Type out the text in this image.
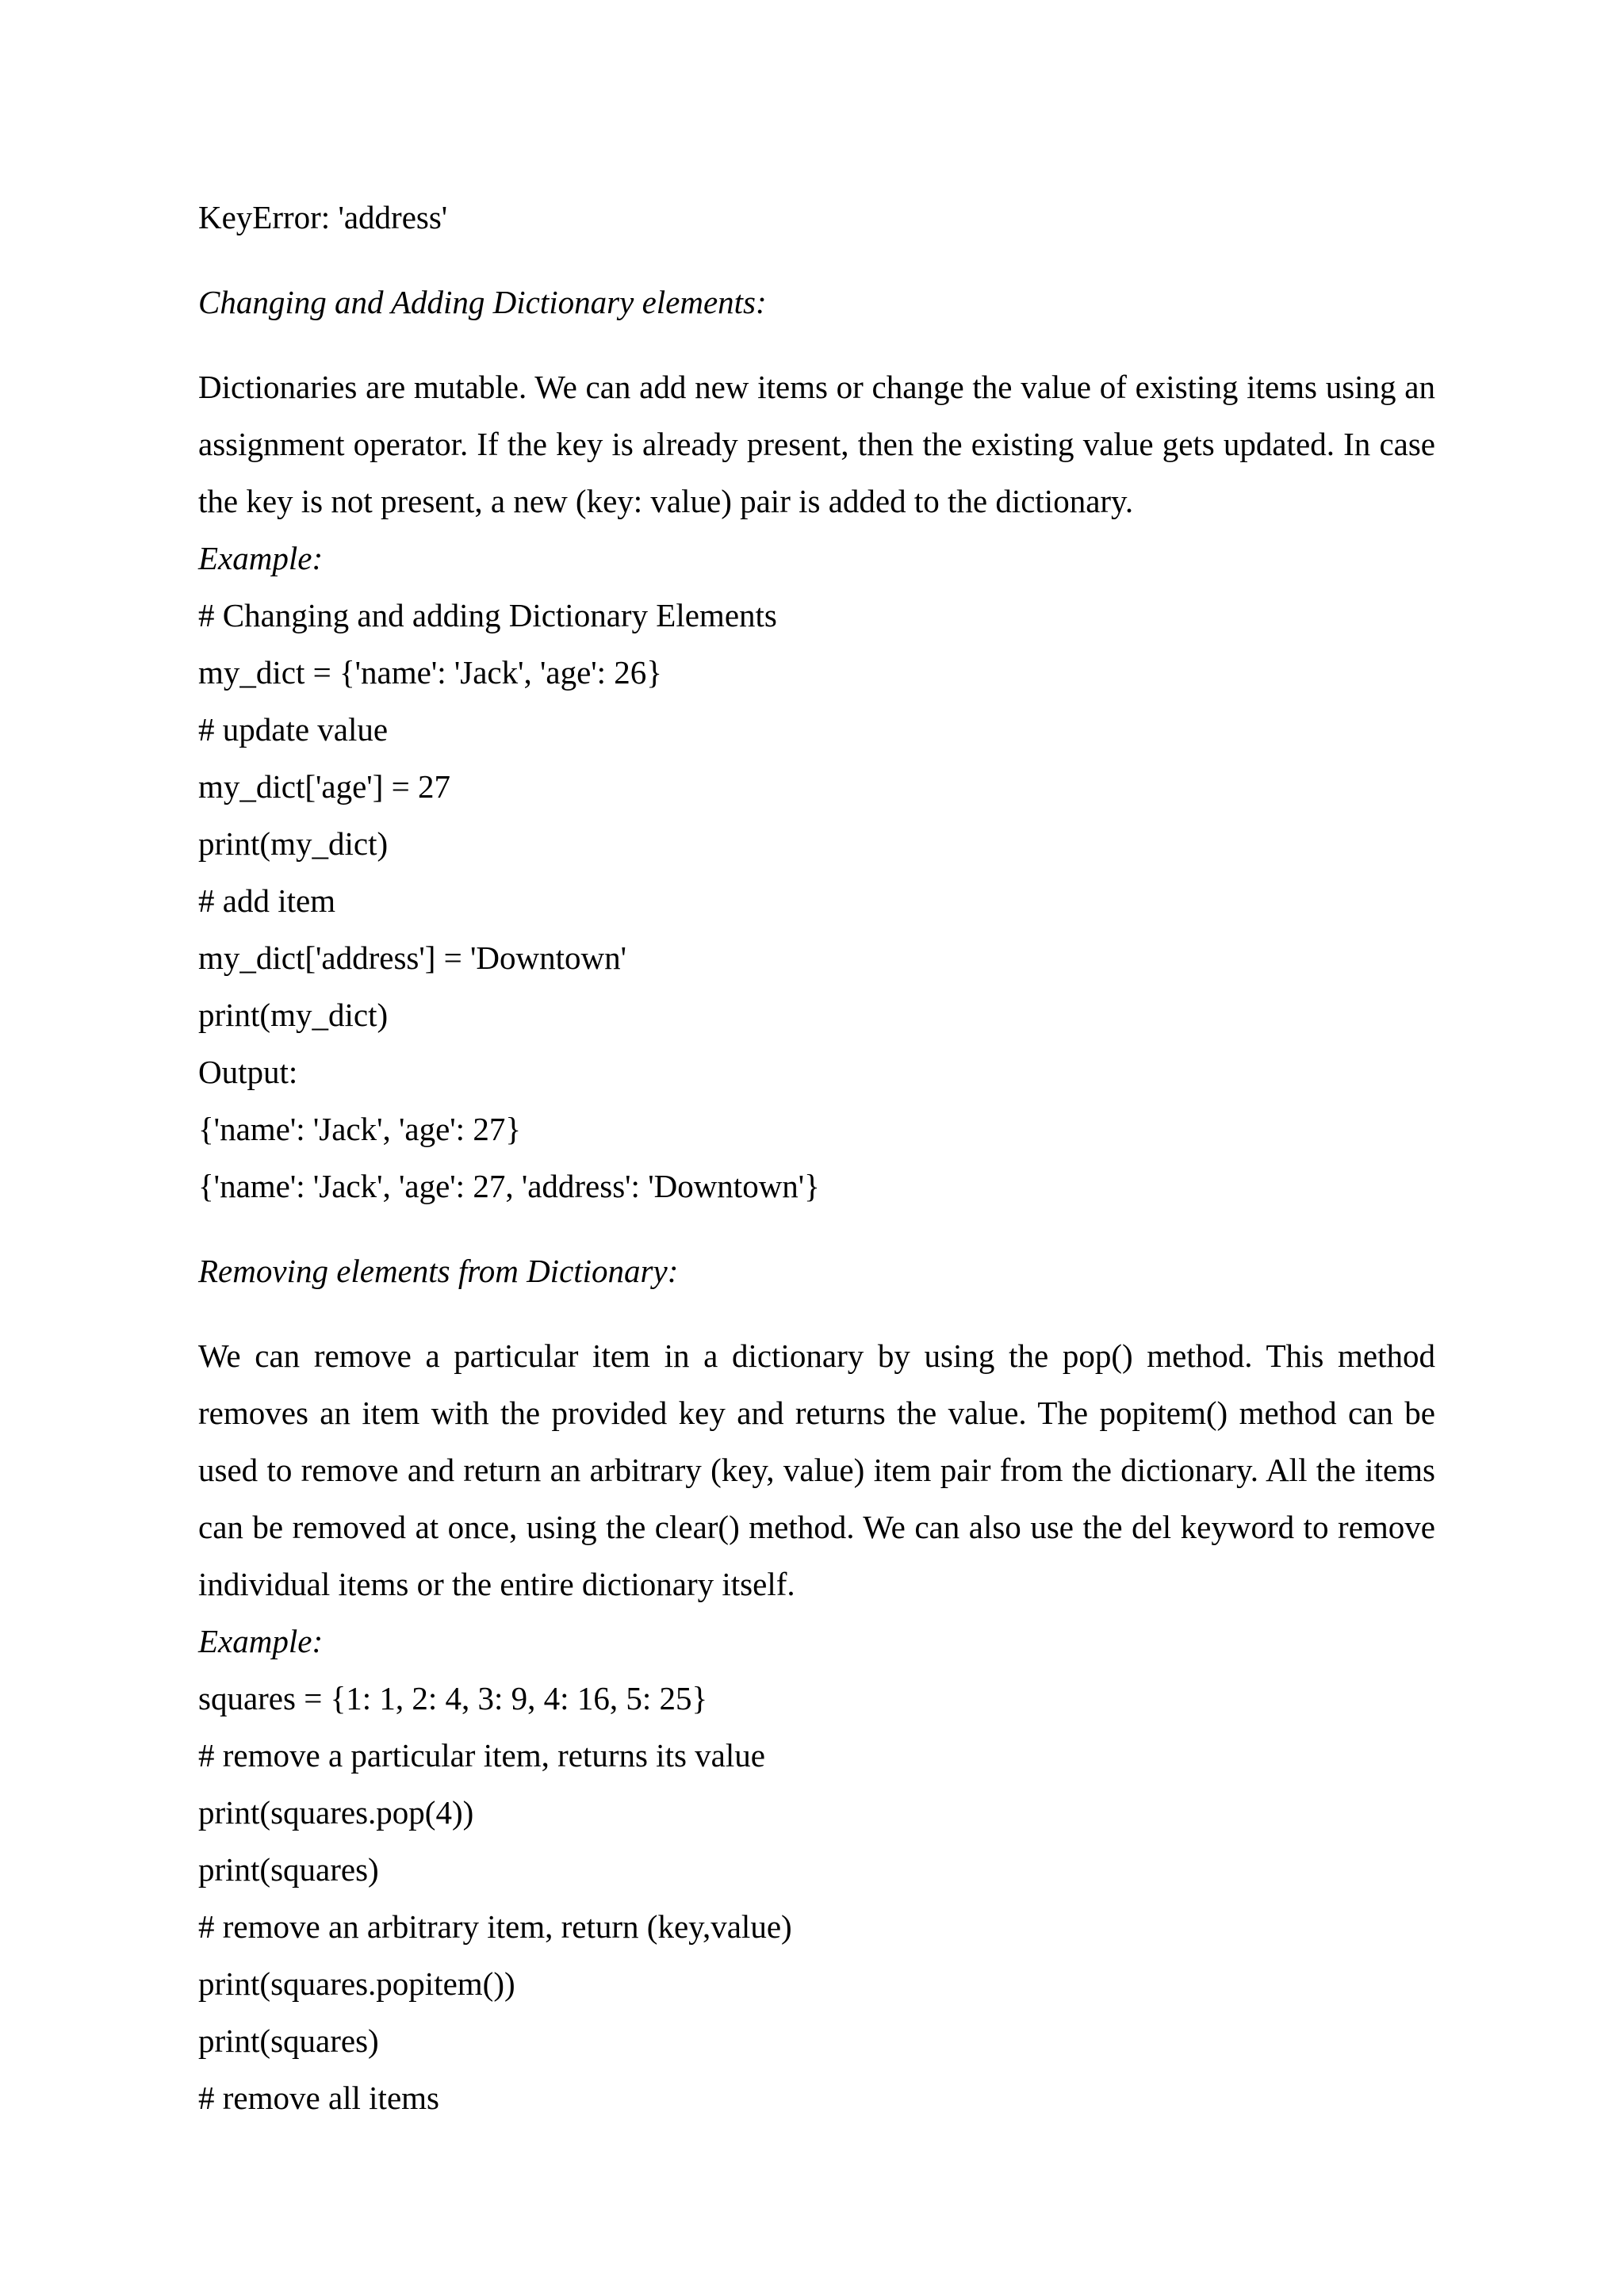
KeyError: 'address'
Changing and Adding Dictionary elements:
Dictionaries are mutable. We can add new items or change the value of existing items using an assignment operator. If the key is already present, then the existing value gets updated. In case the key is not present, a new (key: value) pair is added to the dictionary.
Example:
# Changing and adding Dictionary Elements
my_dict = {'name': 'Jack', 'age': 26}
# update value
my_dict['age'] = 27
print(my_dict)
# add item
my_dict['address'] = 'Downtown'
print(my_dict)
Output:
{'name': 'Jack', 'age': 27}
{'name': 'Jack', 'age': 27, 'address': 'Downtown'}
Removing elements from Dictionary:
We can remove a particular item in a dictionary by using the pop() method. This method removes an item with the provided key and returns the value. The popitem() method can be used to remove and return an arbitrary (key, value) item pair from the dictionary. All the items can be removed at once, using the clear() method. We can also use the del keyword to remove individual items or the entire dictionary itself.
Example:
squares = {1: 1, 2: 4, 3: 9, 4: 16, 5: 25}
# remove a particular item, returns its value
print(squares.pop(4))
print(squares)
# remove an arbitrary item, return (key,value)
print(squares.popitem())
print(squares)
# remove all items
